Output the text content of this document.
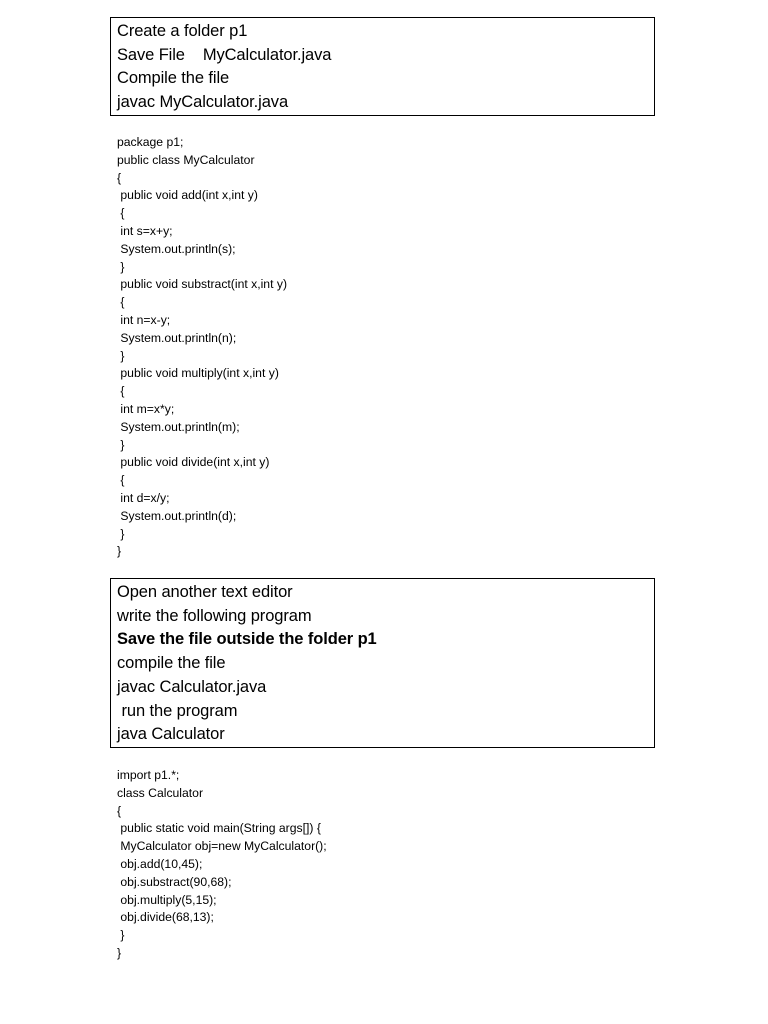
Create a folder p1
Save File    MyCalculator.java
Compile the file
javac MyCalculator.java
package p1;
public class MyCalculator
{
public void add(int x,int y)
{
int s=x+y;
System.out.println(s);
}
public void substract(int x,int y)
{
int n=x-y;
System.out.println(n);
}
public void multiply(int x,int y)
{
int m=x*y;
System.out.println(m);
}
public void divide(int x,int y)
{
int d=x/y;
System.out.println(d);
}
}
Open another text editor
write the following program
Save the file outside the folder p1
compile the file
javac Calculator.java
run the program
java Calculator
import p1.*;
class Calculator
{
public static void main(String args[]) {
MyCalculator obj=new MyCalculator();
obj.add(10,45);
obj.substract(90,68);
obj.multiply(5,15);
obj.divide(68,13);
}
}
